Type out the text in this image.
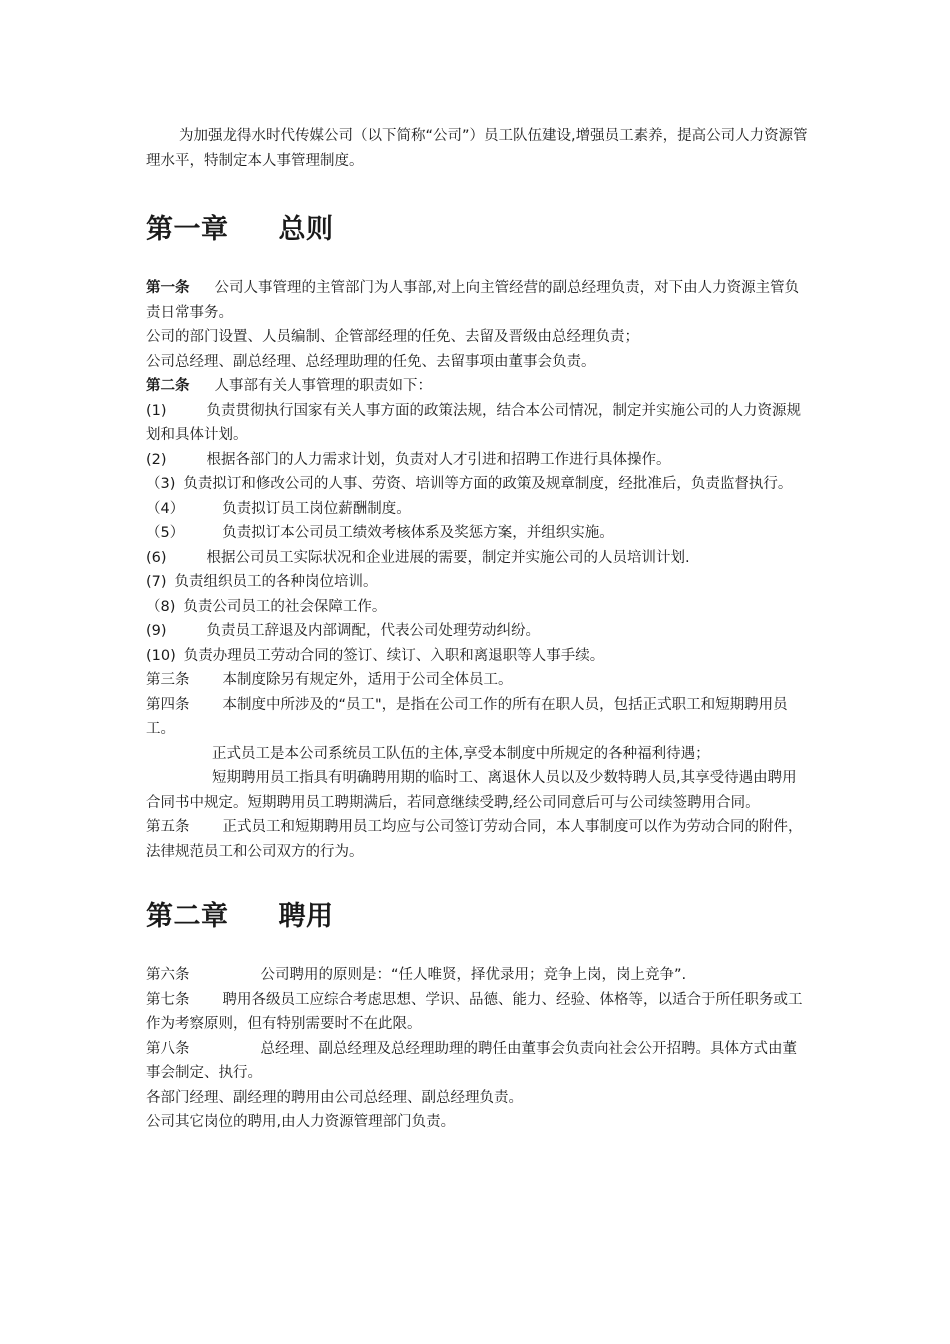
为加强龙得水时代传媒公司（以下简称“公司”）员工队伍建设,增强员工素养，提高公司人力资源管理水平，特制定本人事管理制度。

第一章 总则

第一条 公司人事管理的主管部门为人事部,对上向主管经营的副总经理负责，对下由人力资源主管负责日常事务。

公司的部门设置、人员编制、企管部经理的任免、去留及晋级由总经理负责；

公司总经理、副总经理、总经理助理的任免、去留事项由董事会负责。

第二条 人事部有关人事管理的职责如下：

(1)	负责贯彻执行国家有关人事方面的政策法规，结合本公司情况，制定并实施公司的人力资源规划和具体计划。

(2)	根据各部门的人力需求计划，负责对人才引进和招聘工作进行具体操作。

（3) 负责拟订和修改公司的人事、劳资、培训等方面的政策及规章制度，经批准后，负责监督执行。

（4）	负责拟订员工岗位薪酬制度。

（5）	负责拟订本公司员工绩效考核体系及奖惩方案，并组织实施。

(6)	根据公司员工实际状况和企业进展的需要，制定并实施公司的人员培训计划.

(7) 负责组织员工的各种岗位培训。

（8) 负责公司员工的社会保障工作。

(9)	负责员工辞退及内部调配，代表公司处理劳动纠纷。

(10) 负责办理员工劳动合同的签订、续订、入职和离退职等人事手续。

第三条 本制度除另有规定外，适用于公司全体员工。

第四条 本制度中所涉及的“员工"，是指在公司工作的所有在职人员，包括正式职工和短期聘用员工。

正式员工是本公司系统员工队伍的主体,享受本制度中所规定的各种福利待遇；

短期聘用员工指具有明确聘用期的临时工、离退休人员以及少数特聘人员,其享受待遇由聘用合同书中规定。短期聘用员工聘期满后，若同意继续受聘,经公司同意后可与公司续签聘用合同。

第五条 正式员工和短期聘用员工均应与公司签订劳动合同，本人事制度可以作为劳动合同的附件，法律规范员工和公司双方的行为。

第二章 聘用

第六条	公司聘用的原则是：“任人唯贤，择优录用；竞争上岗，岗上竞争”.

第七条 聘用各级员工应综合考虑思想、学识、品德、能力、经验、体格等，以适合于所任职务或工作为考察原则，但有特别需要时不在此限。

第八条	总经理、副总经理及总经理助理的聘任由董事会负责向社会公开招聘。具体方式由董事会制定、执行。

各部门经理、副经理的聘用由公司总经理、副总经理负责。

公司其它岗位的聘用,由人力资源管理部门负责。
